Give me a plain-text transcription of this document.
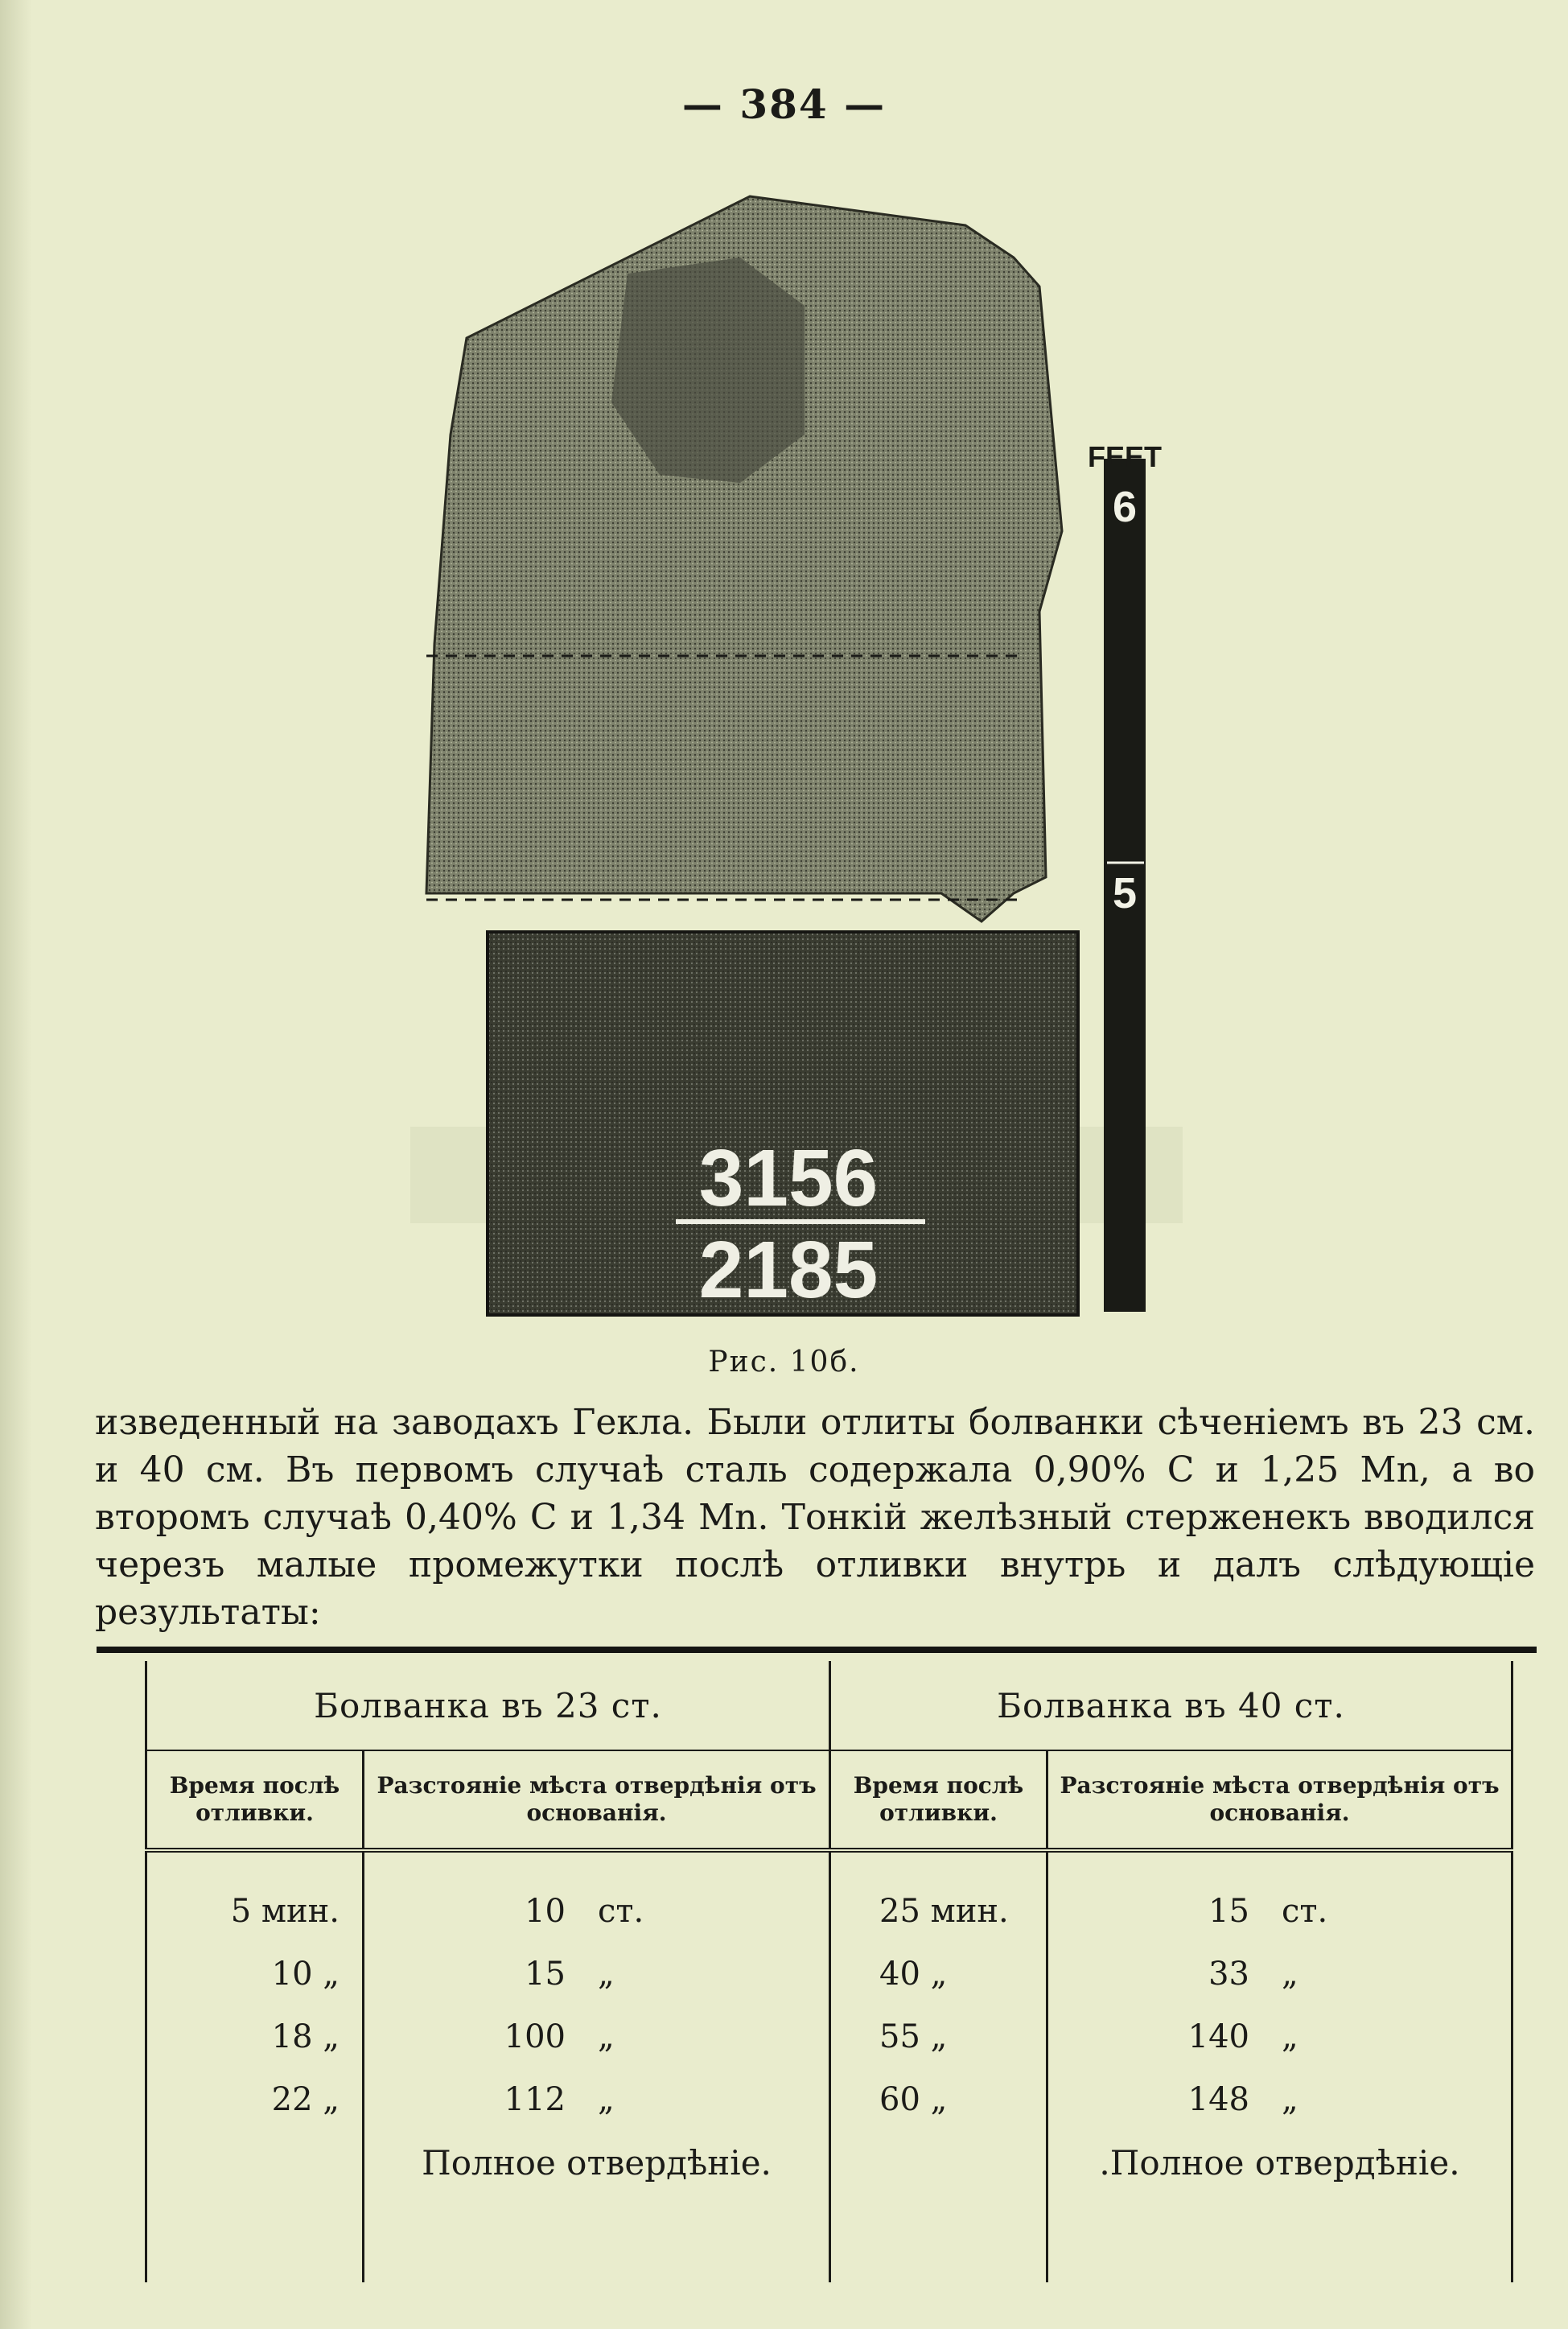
— 384 —
3156
2185
FEET
6
5
Рис. 10б.
изведенный на заводахъ Гекла. Были отлиты болванки сѣченіемъ въ 23 см. и 40 см. Въ первомъ случаѣ сталь содержала 0,90% C и 1,25 Mn, а во второмъ случаѣ 0,40% C и 1,34 Mn. Тонкій желѣзный стерженекъ вводился черезъ малые промежутки послѣ отливки внутрь и далъ слѣдующіе результаты:
Болванка въ 23 ст.		Болванка въ 40 ст.	
Время послѣ отливки.	Разстояніе мѣста отвердѣнія отъ основанія.	Время послѣ отливки.	Разстояніе мѣста отвердѣнія отъ основанія.
5 мин.	10 ст.	25 мин.	15 ст.
10 „	15 „	40 „	33 „
18 „	100 „	55 „	140 „
22 „	112 „	60 „	148 „
	Полное отвердѣніе.		.Полное отвердѣніе.
